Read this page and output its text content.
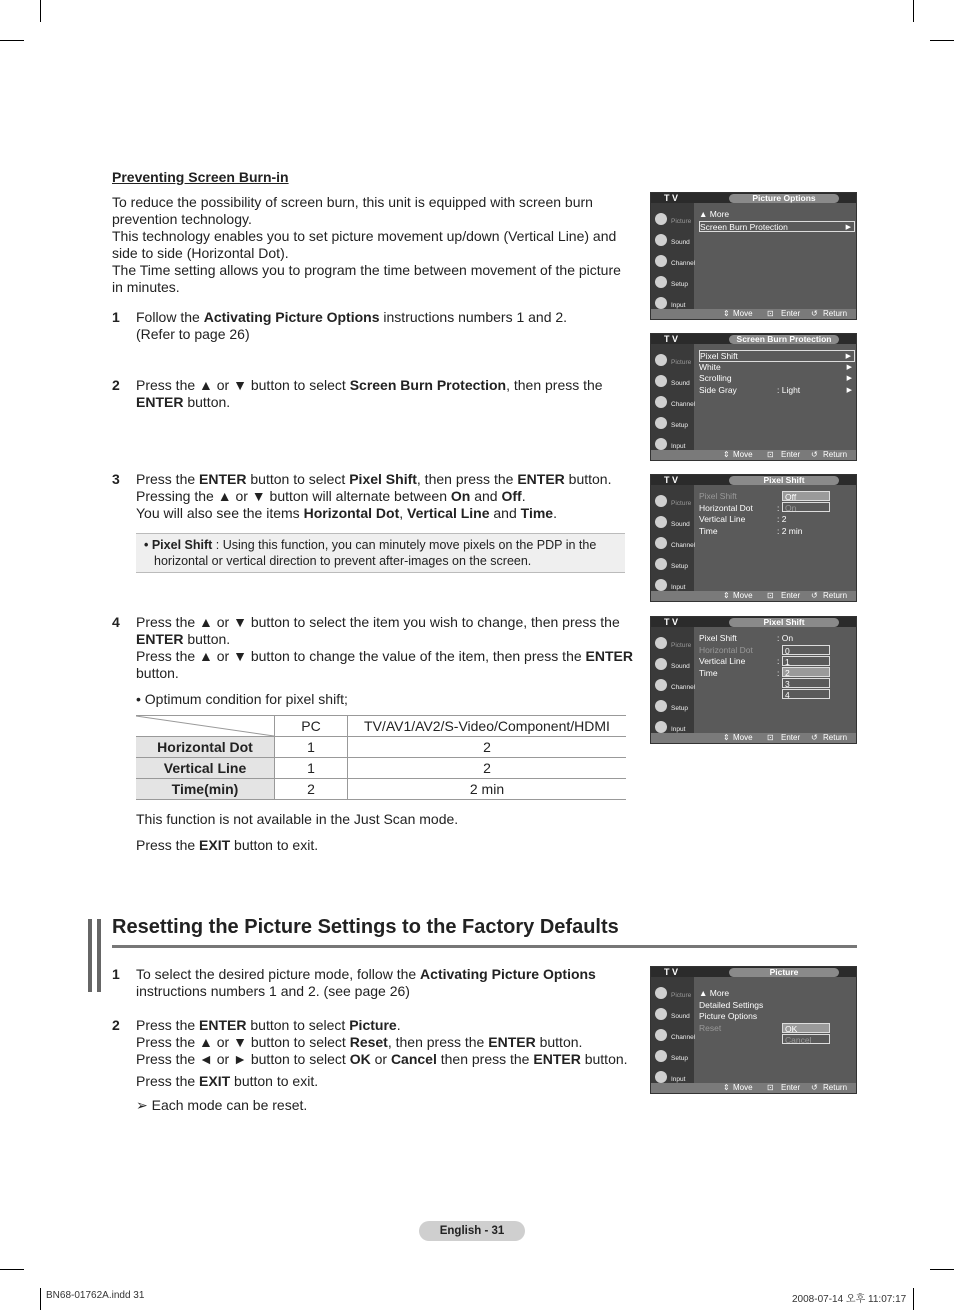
Preventing Screen Burn-in
To reduce the possibility of screen burn, this unit is equipped with screen burn
prevention technology.
This technology enables you to set picture movement up/down (Vertical Line) and
side to side (Horizontal Dot).
The Time setting allows you to program the time between movement of the picture
in minutes.
1 Follow the Activating Picture Options instructions numbers 1 and 2.
(Refer to page 26)
2 Press the ▲ or ▼ button to select Screen Burn Protection, then press the
ENTER button.
3 Press the ENTER button to select Pixel Shift, then press the ENTER button.
Pressing the ▲ or ▼ button will alternate between On and Off.
You will also see the items Horizontal Dot, Vertical Line and Time.
• Pixel Shift : Using this function, you can minutely move pixels on the PDP in the
horizontal or vertical direction to prevent after-images on the screen.
4 Press the ▲ or ▼ button to select the item you wish to change, then press the
ENTER button.
Press the ▲ or ▼ button to change the value of the item, then press the ENTER
button.
• Optimum condition for pixel shift;
	PC	TV/AV1/AV2/S-Video/Component/HDMI
Horizontal Dot	1	2
Vertical Line	1	2
Time(min)	2	2 min
This function is not available in the Just Scan mode.
Press the EXIT button to exit.
Resetting the Picture Settings to the Factory Defaults
1 To select the desired picture mode, follow the Activating Picture Options
instructions numbers 1 and 2. (see page 26)
2 Press the ENTER button to select Picture.
Press the ▲ or ▼ button to select Reset, then press the ENTER button.
Press the ◄ or ► button to select OK or Cancel then press the ENTER button.
Press the EXIT button to exit.
➢ Each mode can be reset.
T V	Picture Options
Picture
Sound
Channel
Setup
Input
▲ More
Screen Burn Protection	▶
⇕ Move ⊡ Enter ↺ Return
T V	Screen Burn Protection
Picture
Sound
Channel
Setup
Input
Pixel Shift	▶
White	▶
Scrolling	▶
Side Gray	: Light	▶
⇕ Move ⊡ Enter ↺ Return
T V	Pixel Shift
Picture
Sound
Channel
Setup
Input
Pixel Shift
Horizontal Dot	:
Vertical Line	: 2
Time	: 2 min
Off
On
⇕ Move ⊡ Enter ↺ Return
T V	Pixel Shift
Picture
Sound
Channel
Setup
Input
Pixel Shift	: On
Horizontal Dot
Vertical Line	:
Time	:
0
1
2
3
4
⇕ Move ⊡ Enter ↺ Return
T V	Picture
Picture
Sound
Channel
Setup
Input
▲ More
Detailed Settings
Picture Options
Reset	OK
Cancel
⇕ Move ⊡ Enter ↺ Return
English - 31
BN68-01762A.indd 31	2008-07-14 오후 11:07:17
